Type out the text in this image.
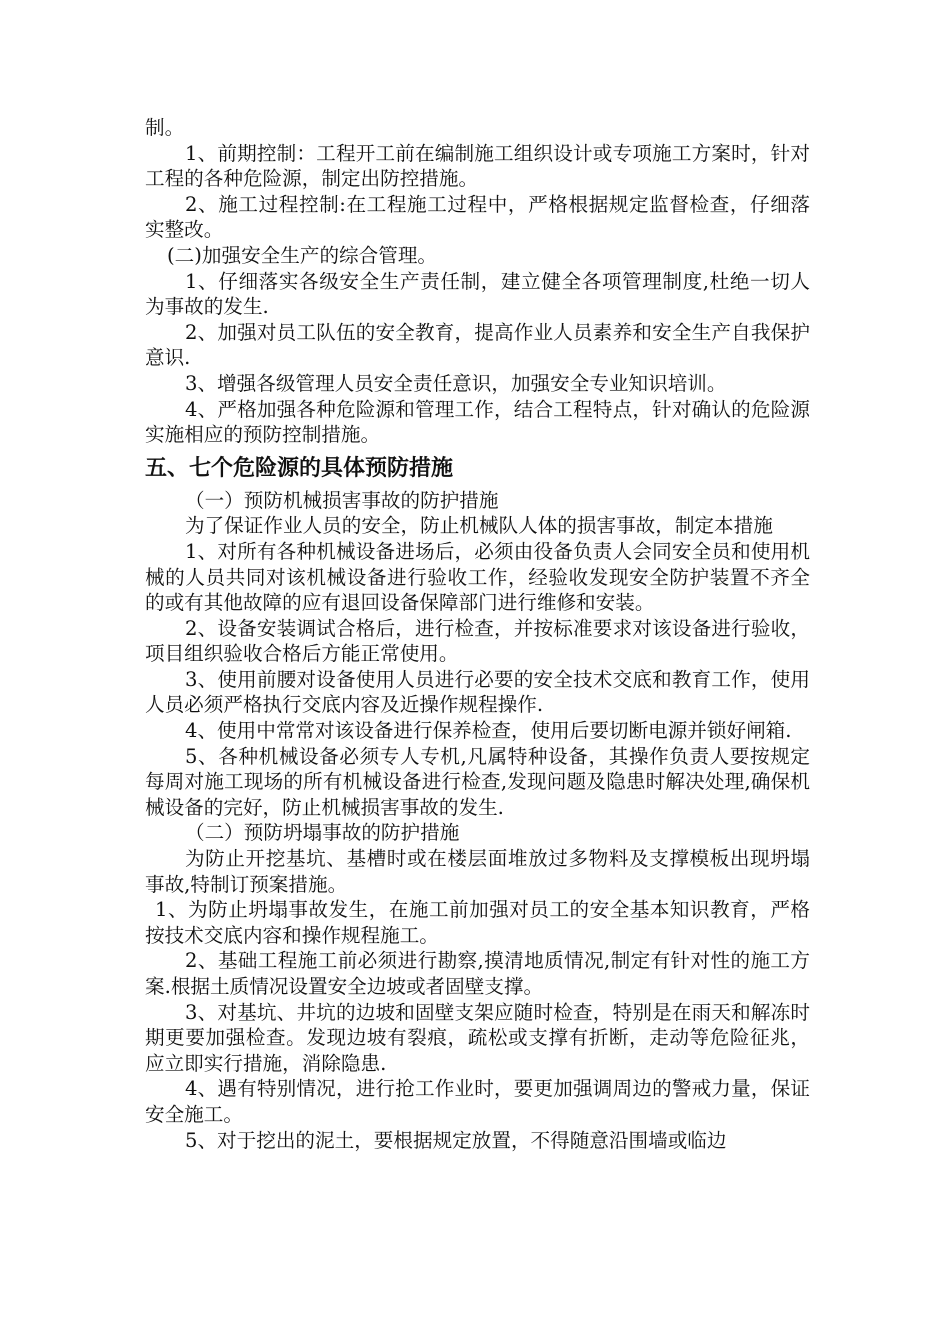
制。

1、前期控制：工程开工前在编制施工组织设计或专项施工方案时，针对工程的各种危险源，制定出防控措施。

2、施工过程控制:在工程施工过程中，严格根据规定监督检查，仔细落实整改。

(二)加强安全生产的综合管理。

1、仔细落实各级安全生产责任制，建立健全各项管理制度,杜绝一切人为事故的发生.

2、加强对员工队伍的安全教育，提高作业人员素养和安全生产自我保护意识.

3、增强各级管理人员安全责任意识，加强安全专业知识培训。

4、严格加强各种危险源和管理工作，结合工程特点，针对确认的危险源实施相应的预防控制措施。

五、七个危险源的具体预防措施

（一）预防机械损害事故的防护措施

为了保证作业人员的安全，防止机械队人体的损害事故，制定本措施

1、对所有各种机械设备进场后，必须由役备负责人会同安全员和使用机械的人员共同对该机械设备进行验收工作，经验收发现安全防护装置不齐全的或有其他故障的应有退回设备保障部门进行维修和安装。

2、设备安装调试合格后，进行检查，并按标准要求对该设备进行验收，项目组织验收合格后方能正常使用。

3、使用前腰对设备使用人员进行必要的安全技术交底和教育工作，使用人员必须严格执行交底内容及近操作规程操作.

4、使用中常常对该设备进行保养检查，使用后要切断电源并锁好闸箱.

5、各种机械设备必须专人专机,凡属特种设备，其操作负责人要按规定每周对施工现场的所有机械设备进行检查,发现问题及隐患时解决处理,确保机械设备的完好，防止机械损害事故的发生.

（二）预防坍塌事故的防护措施

为防止开挖基坑、基槽时或在楼层面堆放过多物料及支撑模板出现坍塌事故,特制订预案措施。

1、为防止坍塌事故发生，在施工前加强对员工的安全基本知识教育，严格按技术交底内容和操作规程施工。

2、基础工程施工前必须进行勘察,摸清地质情况,制定有针对性的施工方案.根据土质情况设置安全边坡或者固壁支撑。

3、对基坑、井坑的边坡和固壁支架应随时检查，特别是在雨天和解冻时期更要加强检查。发现边坡有裂痕，疏松或支撑有折断，走动等危险征兆，应立即实行措施，消除隐患.

4、遇有特别情况，进行抢工作业时，要更加强调周边的警戒力量，保证安全施工。

5、对于挖出的泥土，要根据规定放置，不得随意沿围墙或临边
